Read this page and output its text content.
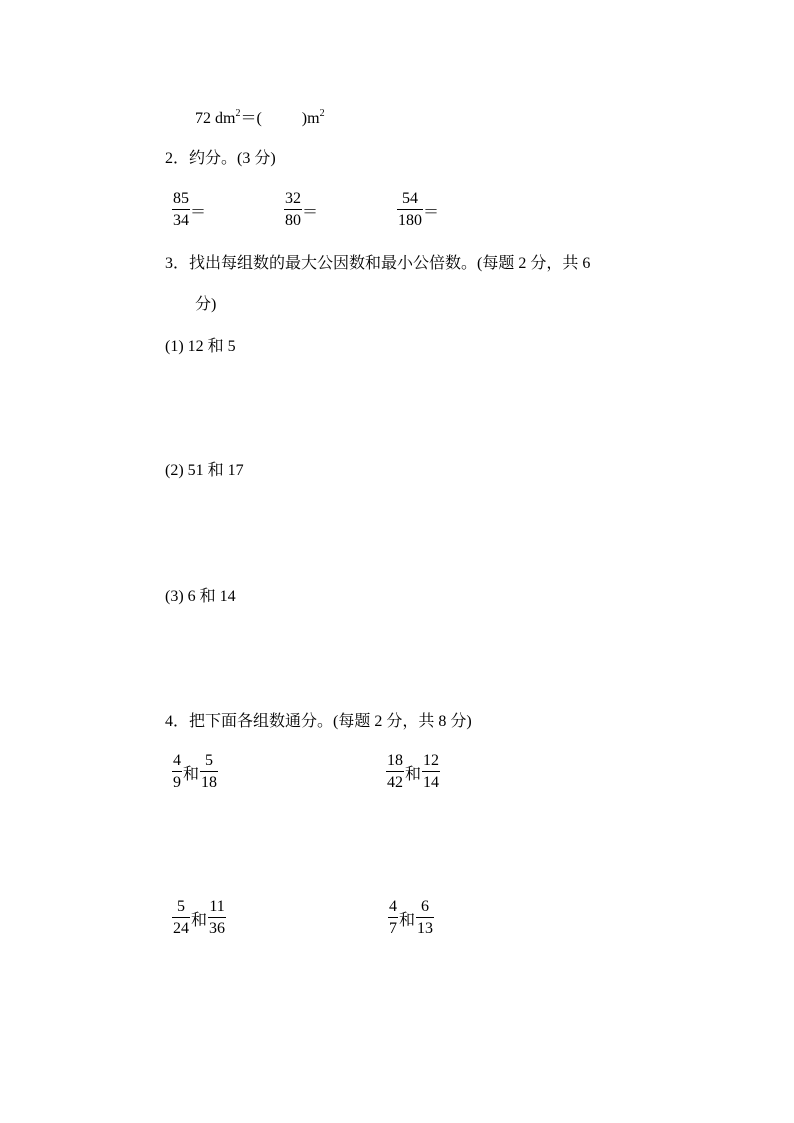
72 $dm^2=$(	)$m^2$
2．约分。(3 分)
$\frac{85}{34}$ ＝	$\frac{32}{80}$ ＝	$\frac{54}{180}$ ＝
3．找出每组数的最大公因数和最小公倍数。(每题 2 分，共 6
分)
(1) 12 和 5
(2) 51 和 17
(3) 6 和 14
4．把下面各组数通分。(每题 2 分，共 8 分)
$\frac{4}{9}$ 和 $\frac{5}{18}$	$\frac{18}{42}$ 和 $\frac{12}{14}$
$\frac{5}{24}$ 和 $\frac{11}{36}$	$\frac{4}{7}$ 和 $\frac{6}{13}$
